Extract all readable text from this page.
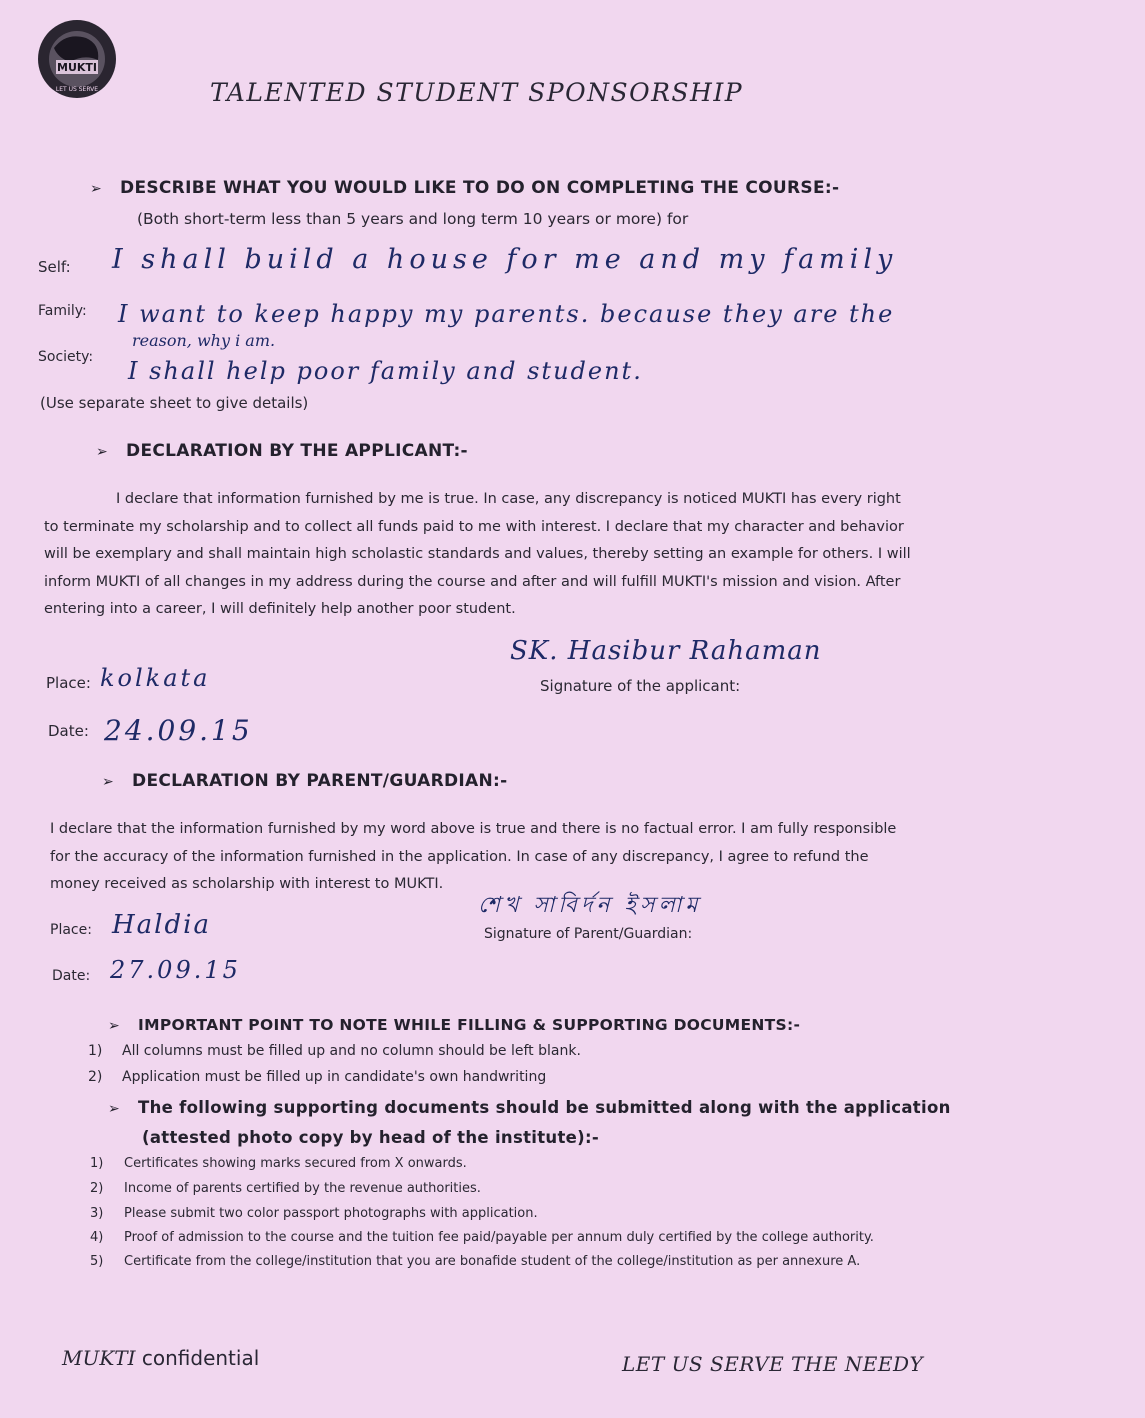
MUKTI
LET US SERVE	TALENTED STUDENT SPONSORSHIP
➢ DESCRIBE WHAT YOU WOULD LIKE TO DO ON COMPLETING THE COURSE:-
(Both short-term less than 5 years and long term 10 years or more) for
Self: I shall build a house for me and my family
Family: I want to keep happy my parents. because they are the
Society:
reason, why i am.
I shall help poor family and student.
(Use separate sheet to give details)
➢ DECLARATION BY THE APPLICANT:-
I declare that information furnished by me is true. In case, any discrepancy is noticed MUKTI has every right to terminate my scholarship and to collect all funds paid to me with interest. I declare that my character and behavior will be exemplary and shall maintain high scholastic standards and values, thereby setting an example for others. I will inform MUKTI of all changes in my address during the course and after and will fulfill MUKTI's mission and vision. After entering into a career, I will definitely help another poor student.
SK. Hasibur Rahaman
Signature of the applicant:
Place: kolkata
Date: 24.09.15
➢ DECLARATION BY PARENT/GUARDIAN:-
I declare that the information furnished by my word above is true and there is no factual error. I am fully responsible for the accuracy of the information furnished in the application. In case of any discrepancy, I agree to refund the money received as scholarship with interest to MUKTI.
শেখ সাবির্দন ইসলাম
Signature of Parent/Guardian:
Place: Haldia
Date: 27.09.15
➢ IMPORTANT POINT TO NOTE WHILE FILLING & SUPPORTING DOCUMENTS:-
1) All columns must be filled up and no column should be left blank.
2) Application must be filled up in candidate's own handwriting
➢ The following supporting documents should be submitted along with the application
(attested photo copy by head of the institute):-
1) Certificates showing marks secured from X onwards.
2) Income of parents certified by the revenue authorities.
3) Please submit two color passport photographs with application.
4) Proof of admission to the course and the tuition fee paid/payable per annum duly certified by the college authority.
5) Certificate from the college/institution that you are bonafide student of the college/institution as per annexure A.
MUKTI confidential	LET US SERVE THE NEEDY
